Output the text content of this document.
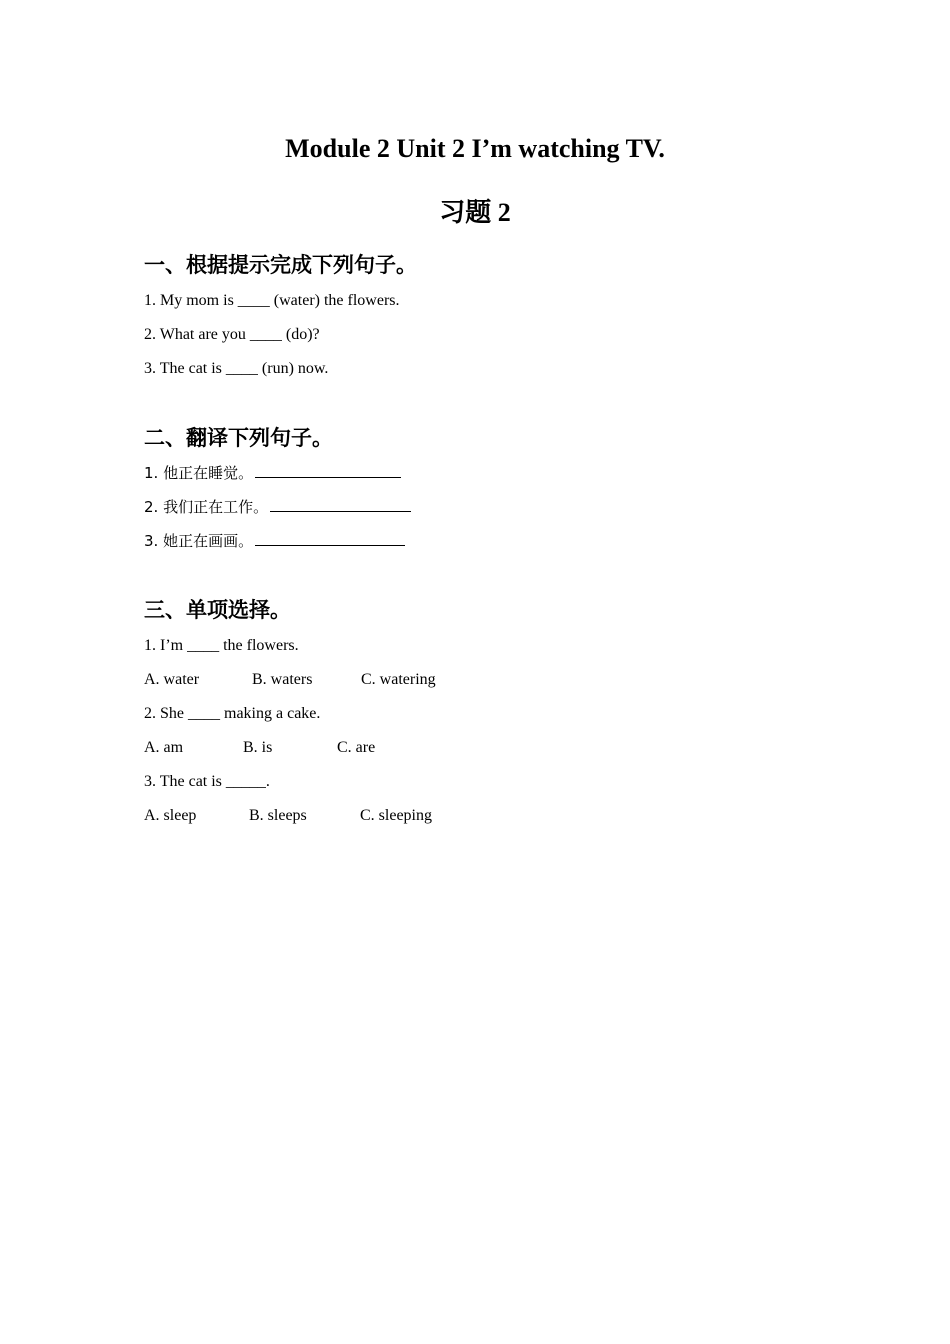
Module 2 Unit 2 I’m watching TV.
习题 2
一、根据提示完成下列句子。
1. My mom is ____ (water) the flowers.
2. What are you ____ (do)?
3. The cat is ____ (run) now.
二、翻译下列句子。
1. 他正在睡觉。
2. 我们正在工作。
3. 她正在画画。
三、单项选择。
1. I’m ____ the flowers.
A. water	B. waters	C. watering
2. She ____ making a cake.
A. am	B. is	C. are
3. The cat is _____.
A. sleep	B. sleeps	C. sleeping
